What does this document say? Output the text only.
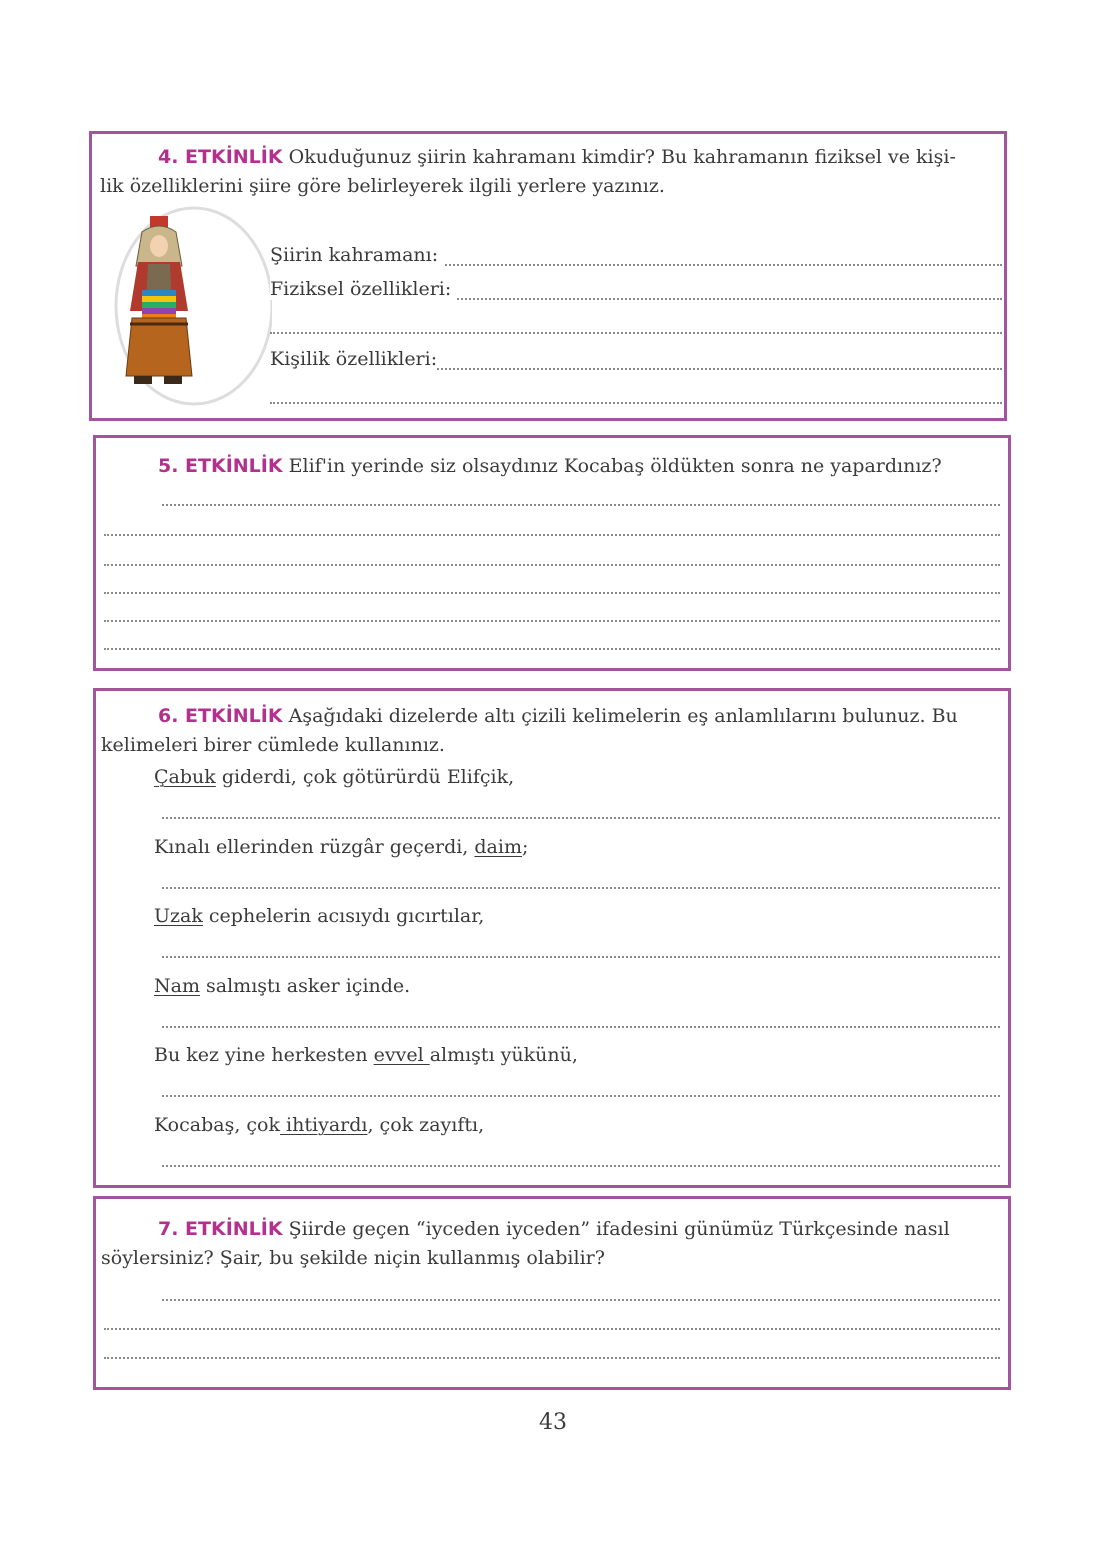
4. ETKİNLİK Okuduğunuz şiirin kahramanı kimdir? Bu kahramanın fiziksel ve kişi-

lik özelliklerini şiire göre belirleyerek ilgili yerlere yazınız.

Şiirin kahramanı:
Fiziksel özellikleri:
Kişilik özellikleri:

5. ETKİNLİK Elif'in yerinde siz olsaydınız Kocabaş öldükten sonra ne yapardınız?

6. ETKİNLİK Aşağıdaki dizelerde altı çizili kelimelerin eş anlamlılarını bulunuz. Bu

kelimeleri birer cümlede kullanınız.

Çabuk giderdi, çok götürürdü Elifçik,
Kınalı ellerinden rüzgâr geçerdi, daim;
Uzak cephelerin acısıydı gıcırtılar,
Nam salmıştı asker içinde.
Bu kez yine herkesten evvel almıştı yükünü,
Kocabaş, çok ihtiyardı, çok zayıftı,

7. ETKİNLİK Şiirde geçen “iyceden iyceden” ifadesini günümüz Türkçesinde nasıl

söylersiniz? Şair, bu şekilde niçin kullanmış olabilir?

43
